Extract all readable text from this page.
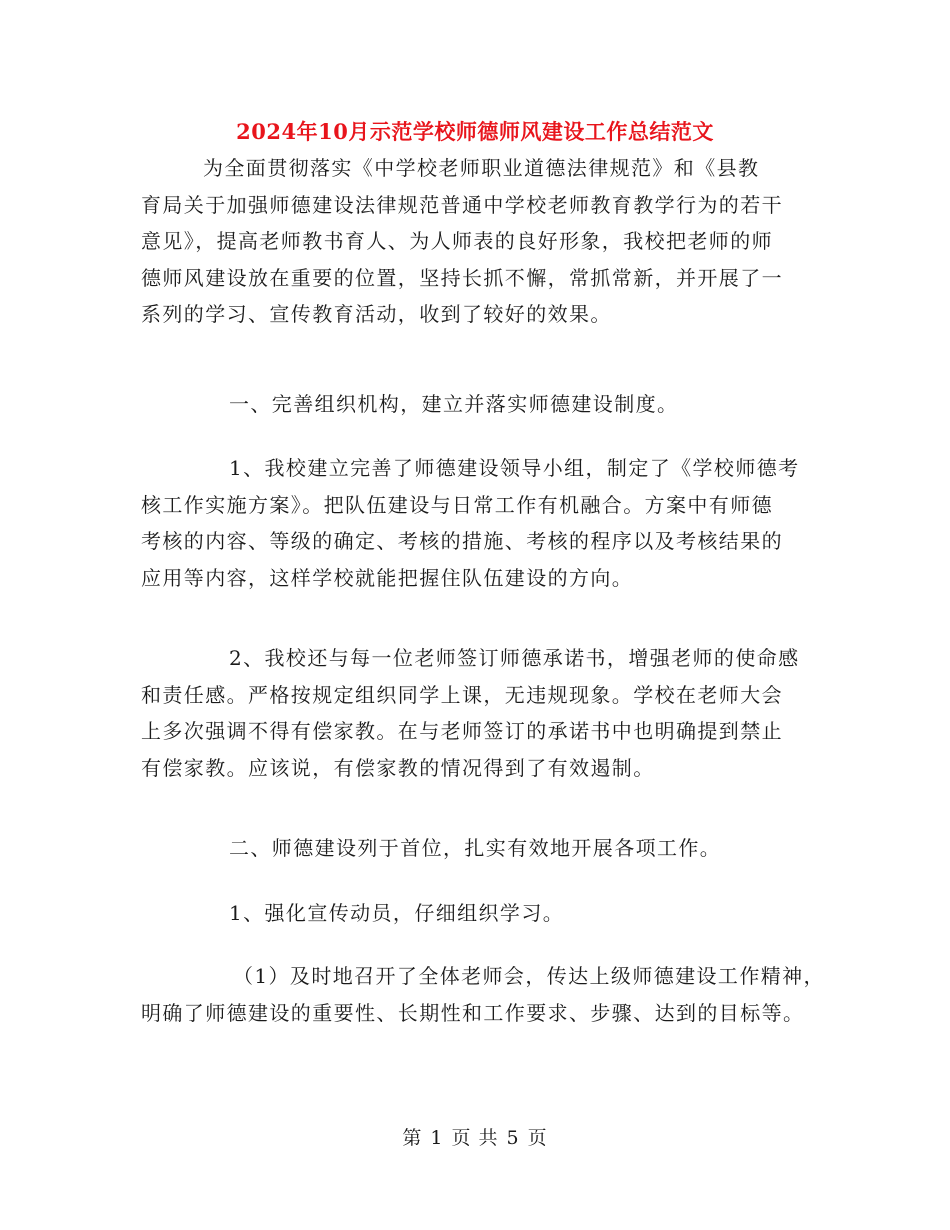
2024年10月示范学校师德师风建设工作总结范文
为全面贯彻落实《中学校老师职业道德法律规范》和《县教
育局关于加强师德建设法律规范普通中学校老师教育教学行为的若干
意见》，提高老师教书育人、为人师表的良好形象，我校把老师的师
德师风建设放在重要的位置，坚持长抓不懈，常抓常新，并开展了一
系列的学习、宣传教育活动，收到了较好的效果。
一、完善组织机构，建立并落实师德建设制度。
1、我校建立完善了师德建设领导小组，制定了《学校师德考
核工作实施方案》。把队伍建设与日常工作有机融合。方案中有师德
考核的内容、等级的确定、考核的措施、考核的程序以及考核结果的
应用等内容，这样学校就能把握住队伍建设的方向。
2、我校还与每一位老师签订师德承诺书，增强老师的使命感
和责任感。严格按规定组织同学上课，无违规现象。学校在老师大会
上多次强调不得有偿家教。在与老师签订的承诺书中也明确提到禁止
有偿家教。应该说，有偿家教的情况得到了有效遏制。
二、师德建设列于首位，扎实有效地开展各项工作。
1、强化宣传动员，仔细组织学习。
（1）及时地召开了全体老师会，传达上级师德建设工作精神，
明确了师德建设的重要性、长期性和工作要求、步骤、达到的目标等。
第 1 页 共 5 页
